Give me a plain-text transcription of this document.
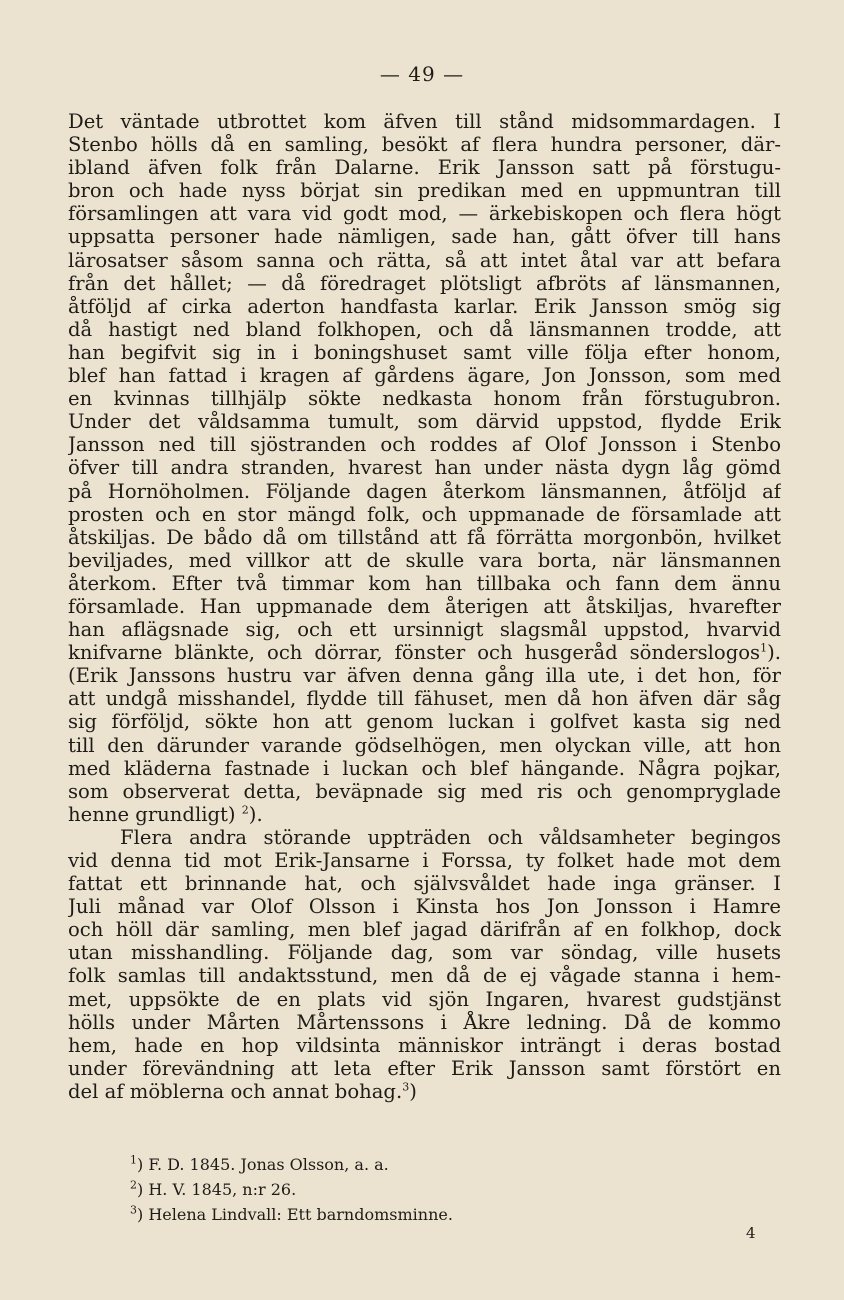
— 49 —
Det väntade utbrottet kom äfven till stånd midsommardagen. I
Stenbo hölls då en samling, besökt af flera hundra personer, där-
ibland äfven folk från Dalarne. Erik Jansson satt på förstugu-
bron och hade nyss börjat sin predikan med en uppmuntran till
församlingen att vara vid godt mod, — ärkebiskopen och flera högt
uppsatta personer hade nämligen, sade han, gått öfver till hans
lärosatser såsom sanna och rätta, så att intet åtal var att befara
från det hållet; — då föredraget plötsligt afbröts af länsmannen,
åtföljd af cirka aderton handfasta karlar. Erik Jansson smög sig
då hastigt ned bland folkhopen, och då länsmannen trodde, att
han begifvit sig in i boningshuset samt ville följa efter honom,
blef han fattad i kragen af gårdens ägare, Jon Jonsson, som med
en kvinnas tillhjälp sökte nedkasta honom från förstugubron.
Under det våldsamma tumult, som därvid uppstod, flydde Erik
Jansson ned till sjöstranden och roddes af Olof Jonsson i Stenbo
öfver till andra stranden, hvarest han under nästa dygn låg gömd
på Hornöholmen. Följande dagen återkom länsmannen, åtföljd af
prosten och en stor mängd folk, och uppmanade de församlade att
åtskiljas. De bådo då om tillstånd att få förrätta morgonbön, hvilket
beviljades, med villkor att de skulle vara borta, när länsmannen
återkom. Efter två timmar kom han tillbaka och fann dem ännu
församlade. Han uppmanade dem återigen att åtskiljas, hvarefter
han aflägsnade sig, och ett ursinnigt slagsmål uppstod, hvarvid
knifvarne blänkte, och dörrar, fönster och husgeråd sönderslogos$^1$).
(Erik Janssons hustru var äfven denna gång illa ute, i det hon, för
att undgå misshandel, flydde till fähuset, men då hon äfven där såg
sig förföljd, sökte hon att genom luckan i golfvet kasta sig ned
till den därunder varande gödselhögen, men olyckan ville, att hon
med kläderna fastnade i luckan och blef hängande. Några pojkar,
som observerat detta, beväpnade sig med ris och genompryglade
henne grundligt) $^2$).
Flera andra störande uppträden och våldsamheter begingos
vid denna tid mot Erik-Jansarne i Forssa, ty folket hade mot dem
fattat ett brinnande hat, och självsvåldet hade inga gränser. I
Juli månad var Olof Olsson i Kinsta hos Jon Jonsson i Hamre
och höll där samling, men blef jagad därifrån af en folkhop, dock
utan misshandling. Följande dag, som var söndag, ville husets
folk samlas till andaktsstund, men då de ej vågade stanna i hem-
met, uppsökte de en plats vid sjön Ingaren, hvarest gudstjänst
hölls under Mårten Mårtenssons i Åkre ledning. Då de kommo
hem, hade en hop vildsinta människor inträngt i deras bostad
under förevändning att leta efter Erik Jansson samt förstört en
del af möblerna och annat bohag.$^3$)
$^1$) F. D. 1845. Jonas Olsson, a. a.
$^2$) H. V. 1845, n:r 26.
$^3$) Helena Lindvall: Ett barndomsminne.
4
